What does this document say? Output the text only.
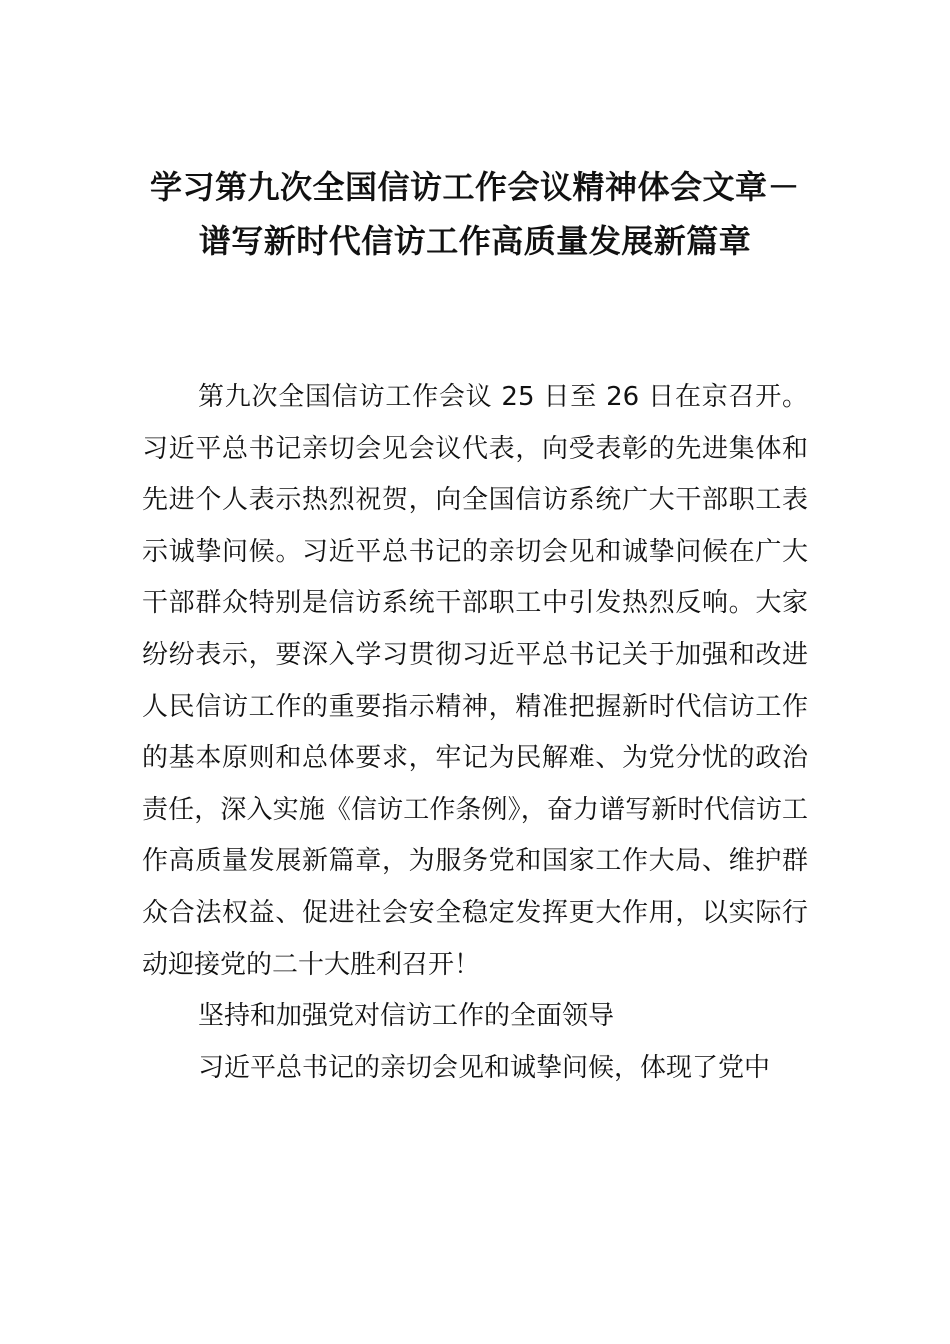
学习第九次全国信访工作会议精神体会文章－谱写新时代信访工作高质量发展新篇章

第九次全国信访工作会议 25 日至 26 日在京召开。习近平总书记亲切会见会议代表，向受表彰的先进集体和先进个人表示热烈祝贺，向全国信访系统广大干部职工表示诚挚问候。习近平总书记的亲切会见和诚挚问候在广大干部群众特别是信访系统干部职工中引发热烈反响。大家纷纷表示，要深入学习贯彻习近平总书记关于加强和改进人民信访工作的重要指示精神，精准把握新时代信访工作的基本原则和总体要求，牢记为民解难、为党分忧的政治责任，深入实施《信访工作条例》，奋力谱写新时代信访工作高质量发展新篇章，为服务党和国家工作大局、维护群众合法权益、促进社会安全稳定发挥更大作用，以实际行动迎接党的二十大胜利召开！

坚持和加强党对信访工作的全面领导

习近平总书记的亲切会见和诚挚问候，体现了党中
